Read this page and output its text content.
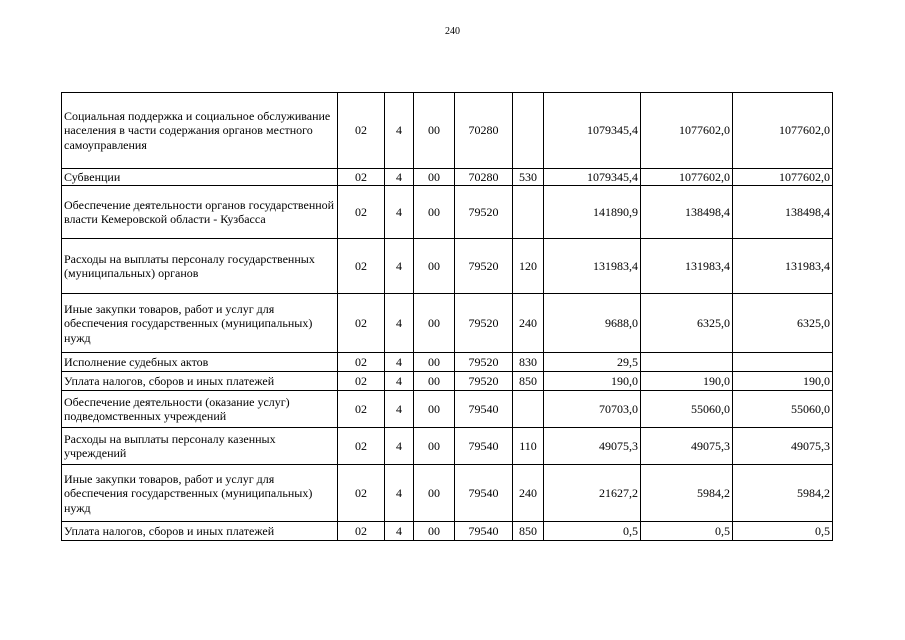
240
Социальная поддержка и социальное обслуживание населения в части содержания органов местного самоуправления	02	4	00	70280		1079345,4	1077602,0	1077602,0
Субвенции	02	4	00	70280	530	1079345,4	1077602,0	1077602,0
Обеспечение деятельности органов государственной власти Кемеровской области - Кузбасса	02	4	00	79520		141890,9	138498,4	138498,4
Расходы на выплаты персоналу государственных (муниципальных) органов	02	4	00	79520	120	131983,4	131983,4	131983,4
Иные закупки товаров, работ и услуг для обеспечения государственных (муниципальных) нужд	02	4	00	79520	240	9688,0	6325,0	6325,0
Исполнение судебных актов	02	4	00	79520	830	29,5		
Уплата налогов, сборов и иных платежей	02	4	00	79520	850	190,0	190,0	190,0
Обеспечение деятельности (оказание услуг) подведомственных учреждений	02	4	00	79540		70703,0	55060,0	55060,0
Расходы на выплаты персоналу казенных учреждений	02	4	00	79540	110	49075,3	49075,3	49075,3
Иные закупки товаров, работ и услуг для обеспечения государственных (муниципальных) нужд	02	4	00	79540	240	21627,2	5984,2	5984,2
Уплата налогов, сборов и иных платежей	02	4	00	79540	850	0,5	0,5	0,5
